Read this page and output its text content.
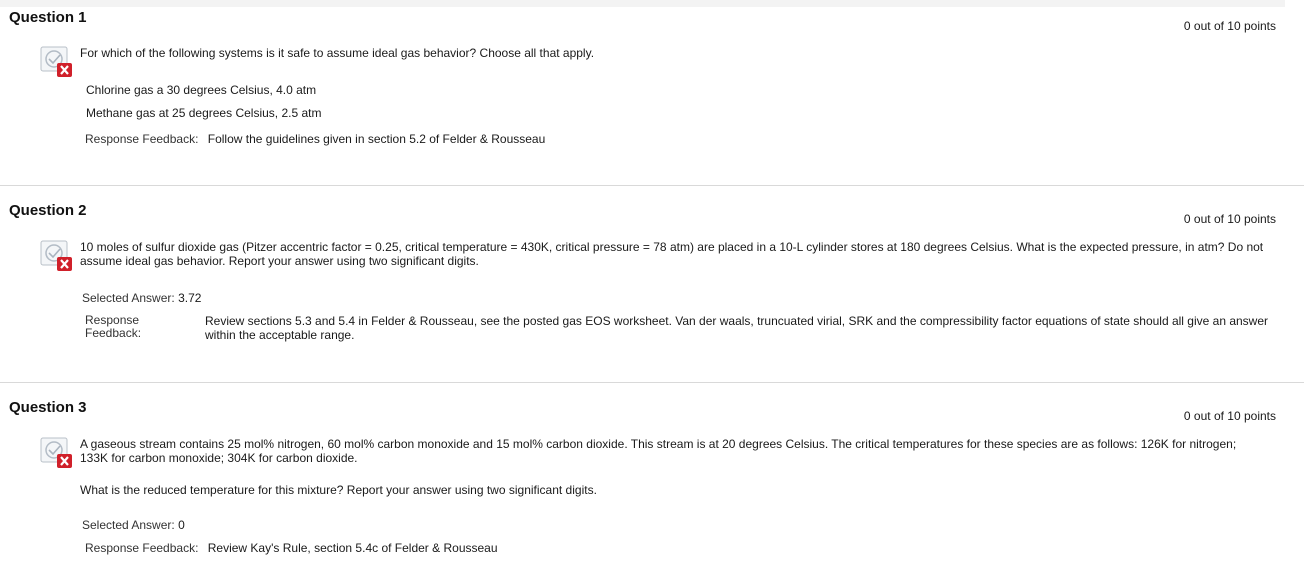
Question 1	0 out of 10 points
For which of the following systems is it safe to assume ideal gas behavior? Choose all that apply.
Chlorine gas a 30 degrees Celsius, 4.0 atm
Methane gas at 25 degrees Celsius, 2.5 atm
Response Feedback: Follow the guidelines given in section 5.2 of Felder & Rousseau
Question 2	0 out of 10 points
10 moles of sulfur dioxide gas (Pitzer accentric factor = 0.25, critical temperature = 430K, critical pressure = 78 atm) are placed in a 10-L cylinder stores at 180 degrees Celsius. What is the expected pressure, in atm? Do not assume ideal gas behavior. Report your answer using two significant digits.
Selected Answer: 3.72
Response
Feedback:
Review sections 5.3 and 5.4 in Felder & Rousseau, see the posted gas EOS worksheet. Van der waals, truncuated virial, SRK and the compressibility factor equations of state should all give an answer within the acceptable range.
Question 3	0 out of 10 points
A gaseous stream contains 25 mol% nitrogen, 60 mol% carbon monoxide and 15 mol% carbon dioxide. This stream is at 20 degrees Celsius. The critical temperatures for these species are as follows: 126K for nitrogen; 133K for carbon monoxide; 304K for carbon dioxide.
What is the reduced temperature for this mixture? Report your answer using two significant digits.
Selected Answer: 0
Response Feedback: Review Kay's Rule, section 5.4c of Felder & Rousseau
